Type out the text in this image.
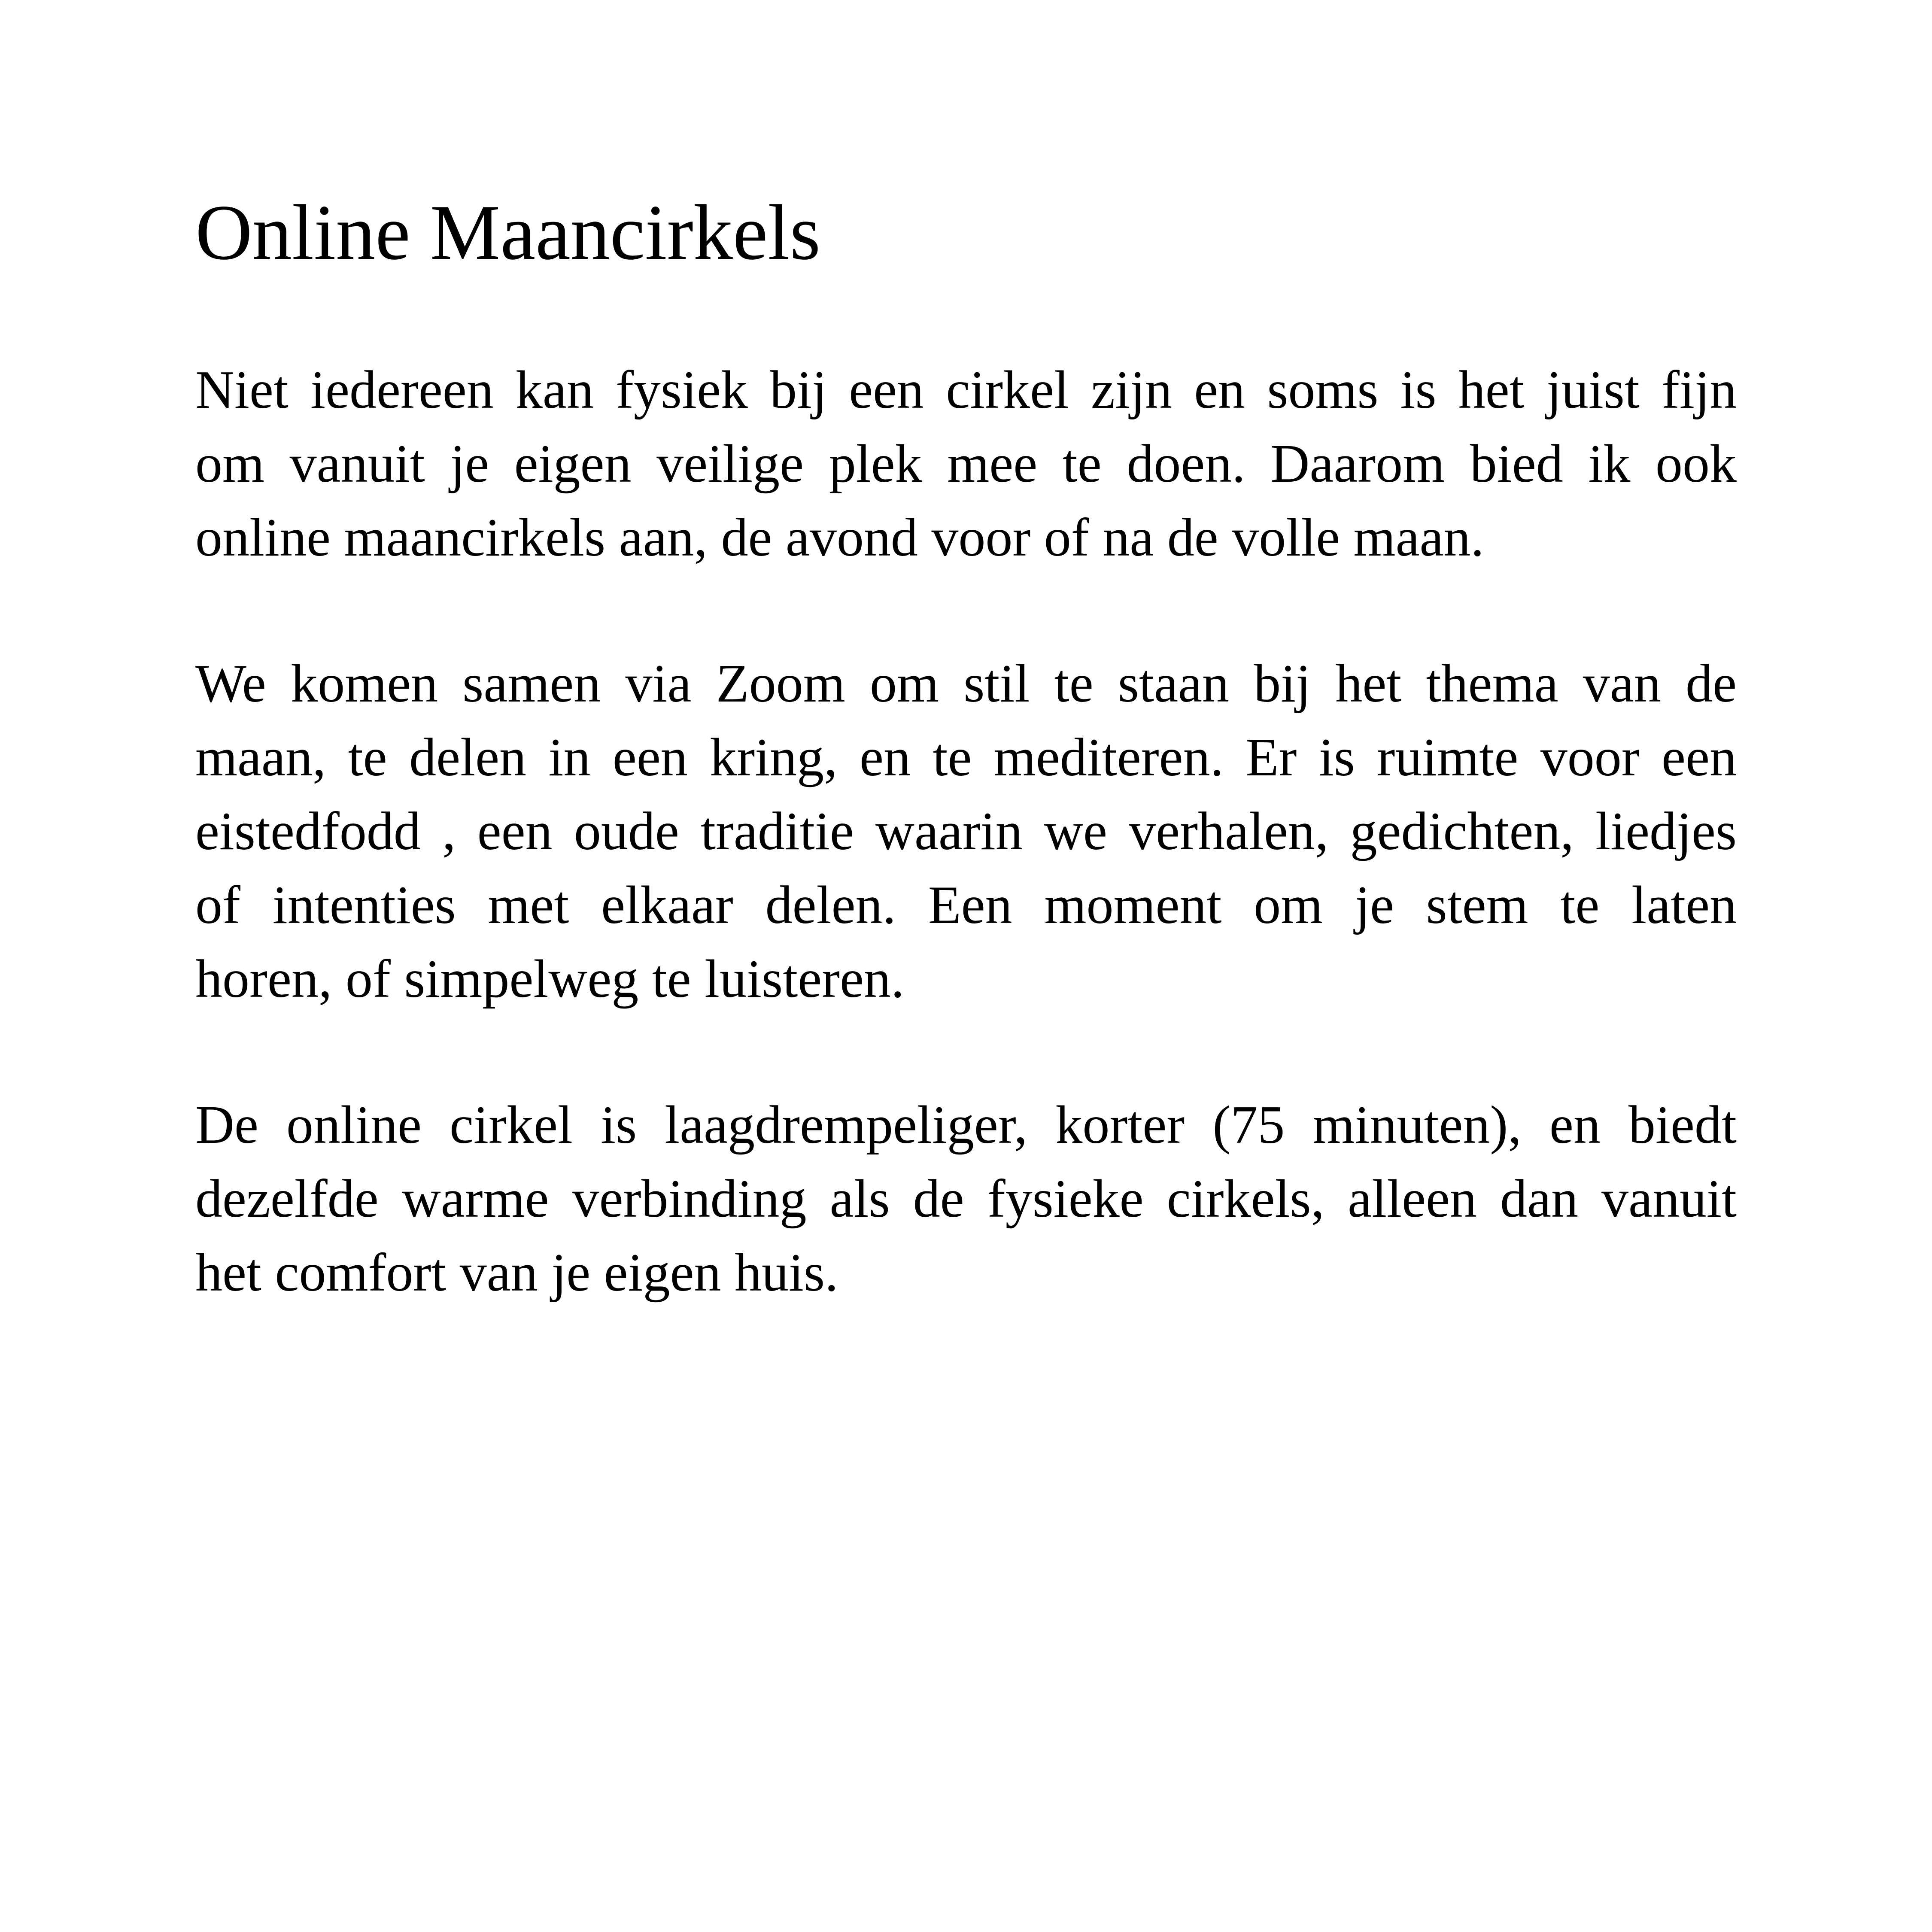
Online Maancirkels
Niet iedereen kan fysiek bij een cirkel zijn en soms is het juist fijn
om vanuit je eigen veilige plek mee te doen. Daarom bied ik ook
online maancirkels aan, de avond voor of na de volle maan.
We komen samen via Zoom om stil te staan bij het thema van de
maan, te delen in een kring, en te mediteren. Er is ruimte voor een
eistedfodd , een oude traditie waarin we verhalen, gedichten, liedjes
of intenties met elkaar delen. Een moment om je stem te laten
horen, of simpelweg te luisteren.
De online cirkel is laagdrempeliger, korter (75 minuten), en biedt
dezelfde warme verbinding als de fysieke cirkels, alleen dan vanuit
het comfort van je eigen huis.
